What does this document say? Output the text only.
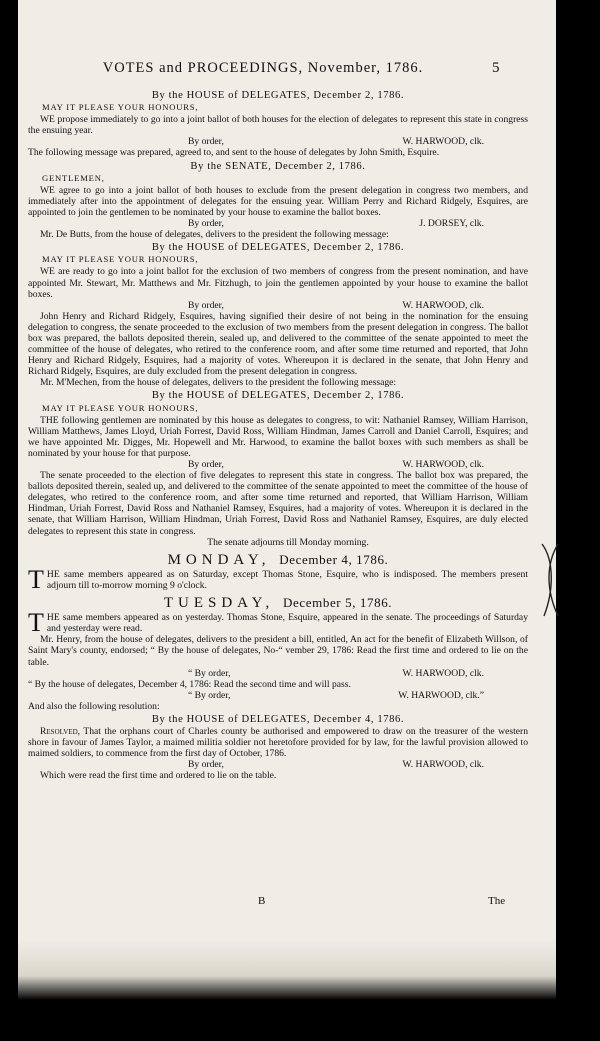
VOTES and PROCEEDINGS, November, 1786.	5
By the HOUSE of DELEGATES, December 2, 1786.
MAY IT PLEASE YOUR HONOURS,

WE propose immediately to go into a joint ballot of both houses for the election of delegates to represent this state in congress the ensuing year.

By order,	W. HARWOOD, clk.

The following message was prepared, agreed to, and sent to the house of delegates by John Smith, Esquire.

By the SENATE, December 2, 1786.
GENTLEMEN,

WE agree to go into a joint ballot of both houses to exclude from the present delegation in congress two members, and immediately after into the appointment of delegates for the ensuing year. William Perry and Richard Ridgely, Esquires, are appointed to join the gentlemen to be nominated by your house to examine the ballot boxes.

By order,	J. DORSEY, clk.

Mr. De Butts, from the house of delegates, delivers to the president the following message:

By the HOUSE of DELEGATES, December 2, 1786.
MAY IT PLEASE YOUR HONOURS,

WE are ready to go into a joint ballot for the exclusion of two members of congress from the present nomination, and have appointed Mr. Stewart, Mr. Matthews and Mr. Fitzhugh, to join the gentlemen appointed by your house to examine the ballot boxes.

By order,	W. HARWOOD, clk.

John Henry and Richard Ridgely, Esquires, having signified their desire of not being in the nomination for the ensuing delegation to congress, the senate proceeded to the exclusion of two members from the present delegation in congress. The ballot box was prepared, the ballots deposited therein, sealed up, and delivered to the committee of the senate appointed to meet the committee of the house of delegates, who retired to the conference room, and after some time returned and reported, that John Henry and Richard Ridgely, Esquires, had a majority of votes. Whereupon it is declared in the senate, that John Henry and Richard Ridgely, Esquires, are duly excluded from the present delegation in congress.

Mr. M'Mechen, from the house of delegates, delivers to the president the following message:

By the HOUSE of DELEGATES, December 2, 1786.
MAY IT PLEASE YOUR HONOURS,

THE following gentlemen are nominated by this house as delegates to congress, to wit: Nathaniel Ramsey, William Harrison, William Matthews, James Lloyd, Uriah Forrest, David Ross, William Hindman, James Carroll and Daniel Carroll, Esquires; and we have appointed Mr. Digges, Mr. Hopewell and Mr. Harwood, to examine the ballot boxes with such members as shall be nominated by your house for that purpose.

By order,	W. HARWOOD, clk.

The senate proceeded to the election of five delegates to represent this state in congress. The ballot box was prepared, the ballots deposited therein, sealed up, and delivered to the committee of the senate appointed to meet the committee of the house of delegates, who retired to the conference room, and after some time returned and reported, that William Harrison, William Hindman, Uriah Forrest, David Ross and Nathaniel Ramsey, Esquires, had a majority of votes. Whereupon it is declared in the senate, that William Harrison, William Hindman, Uriah Forrest, David Ross and Nathaniel Ramsey, Esquires, are duly elected delegates to represent this state in congress.

The senate adjourns till Monday morning.
MONDAY, December 4, 1786.

THE same members appeared as on Saturday, except Thomas Stone, Esquire, who is indisposed. The members present adjourn till to-morrow morning 9 o'clock.

TUESDAY, December 5, 1786.

THE same members appeared as on yesterday. Thomas Stone, Esquire, appeared in the senate. The proceedings of Saturday and yesterday were read.

Mr. Henry, from the house of delegates, delivers to the president a bill, entitled, An act for the benefit of Elizabeth Willson, of Saint Mary's county, endorsed; “ By the house of delegates, No-“ vember 29, 1786: Read the first time and ordered to lie on the table.

“ By order,	W. HARWOOD, clk.

“ By the house of delegates, December 4, 1786: Read the second time and will pass.

“ By order,	W. HARWOOD, clk.”

And also the following resolution:

By the HOUSE of DELEGATES, December 4, 1786.

Resolved, That the orphans court of Charles county be authorised and empowered to draw on the treasurer of the western shore in favour of James Taylor, a maimed militia soldier not heretofore provided for by law, for the lawful provision allowed to maimed soldiers, to commence from the first day of October, 1786.

By order,	W. HARWOOD, clk.

Which were read the first time and ordered to lie on the table.

B	The
